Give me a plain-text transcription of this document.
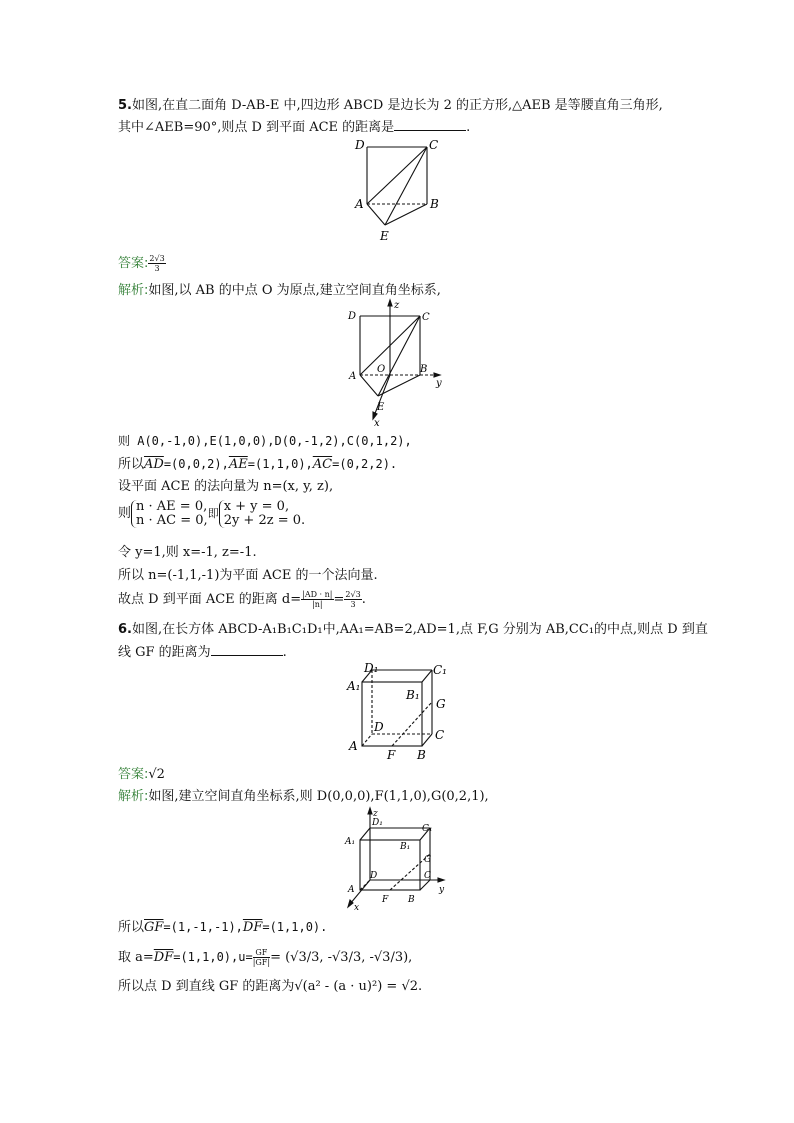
5.如图,在直二面角 D-AB-E 中,四边形 ABCD 是边长为 2 的正方形,△AEB 是等腰直角三角形,
其中∠AEB=90°,则点 D 到平面 ACE 的距离是	.
D	C
A	B
E
答案: $\frac{2√3}{3}$
解析:如图,以 AB 的中点 O 为原点,建立空间直角坐标系,
z
D	C
A
O	B
y
E
x
则 A(0,-1,0),E(1,0,0),D(0,-1,2),C(0,1,2),
所以$\overline{AD}=(0,0,2),\overline{AE}=(1,1,0),\overline{AC}=(0,2,2)$.
设平面 ACE 的法向量为 n=(x, y, z),
则 n · AE = 0,
n · AC = 0, 即 x + y = 0,
2y + 2z = 0.
令 y=1,则 x=-1, z=-1.
所以 n=(-1,1,-1)为平面 ACE 的一个法向量.
故点 D 到平面 ACE 的距离 $d= \frac{|AD \cdot n|}{|n|} = \frac{2√3}{3}$ .
6.如图,在长方体 ABCD-A₁B₁C₁D₁中,AA₁=AB=2,AD=1,点 F,G 分别为 AB,CC₁的中点,则点 D 到直
线 GF 的距离为	.
D₁	C₁
A₁
B₁
G
D
C
A
F B
答案:√2
解析:如图,建立空间直角坐标系,则 D(0,0,0),F(1,1,0),G(0,2,1),
z
D₁
C₁
A₁	B₁
G
D	C
y
A
F B
x
所以$\overline{GF}=(1,-1,-1),\overline{DF}=(1,1,0)$.
取 $a=\overline{DF}=(1,1,0),u= \frac{GF}{|GF|} = (√3/3$, -√3/3, -√3/3),
所以点 D 到直线 GF 的距离为√(a² - (a · u)²) = √2.
